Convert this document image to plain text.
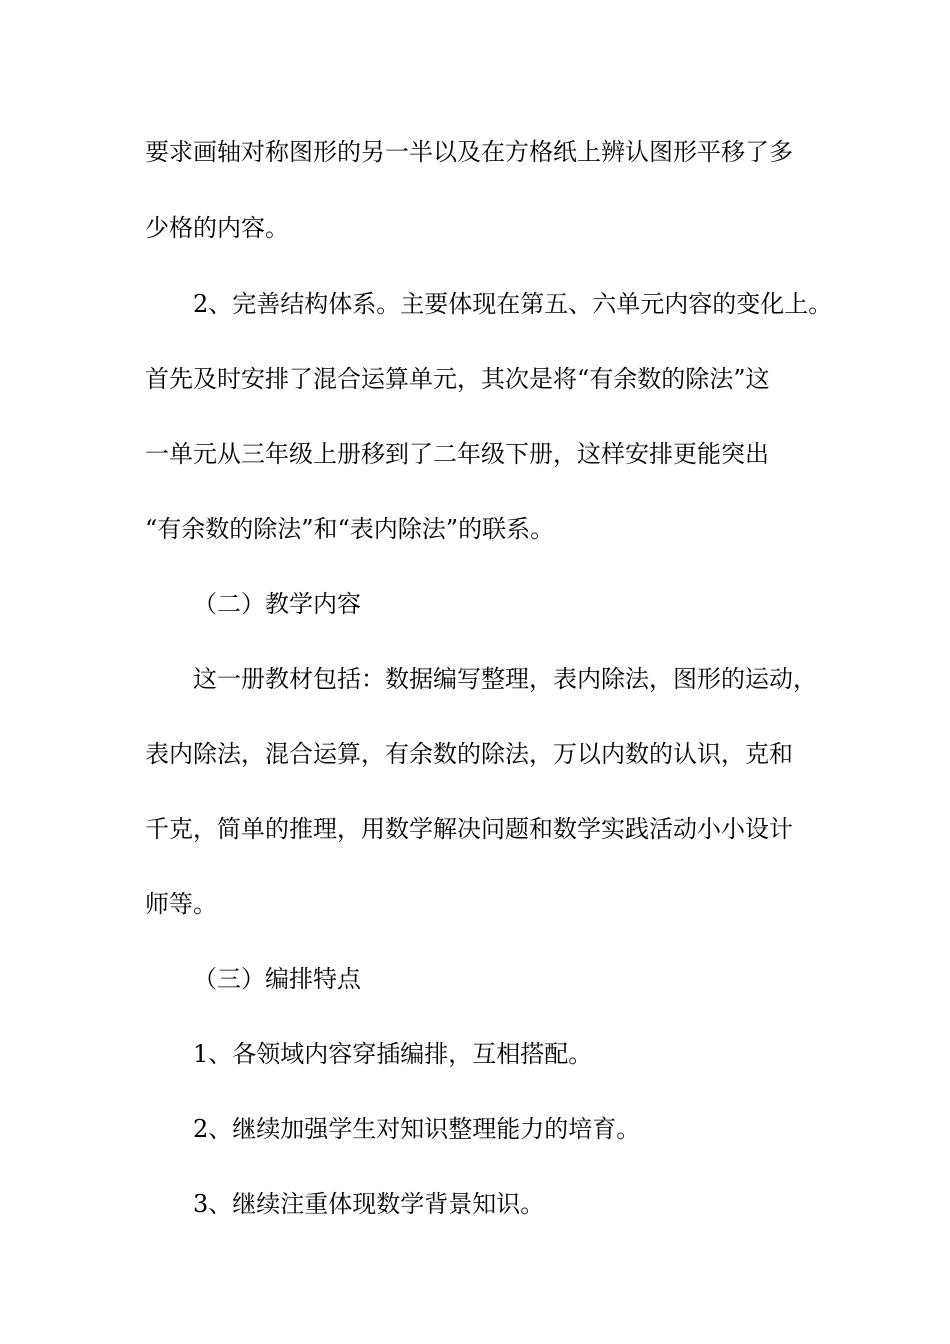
要求画轴对称图形的另一半以及在方格纸上辨认图形平移了多
少格的内容。
2、完善结构体系。主要体现在第五、六单元内容的变化上。
首先及时安排了混合运算单元，其次是将“有余数的除法”这
一单元从三年级上册移到了二年级下册，这样安排更能突出
“有余数的除法”和“表内除法”的联系。
（二）教学内容
这一册教材包括：数据编写整理，表内除法，图形的运动，
表内除法，混合运算，有余数的除法，万以内数的认识，克和
千克，简单的推理，用数学解决问题和数学实践活动小小设计
师等。
（三）编排特点
1、各领域内容穿插编排，互相搭配。
2、继续加强学生对知识整理能力的培育。
3、继续注重体现数学背景知识。
